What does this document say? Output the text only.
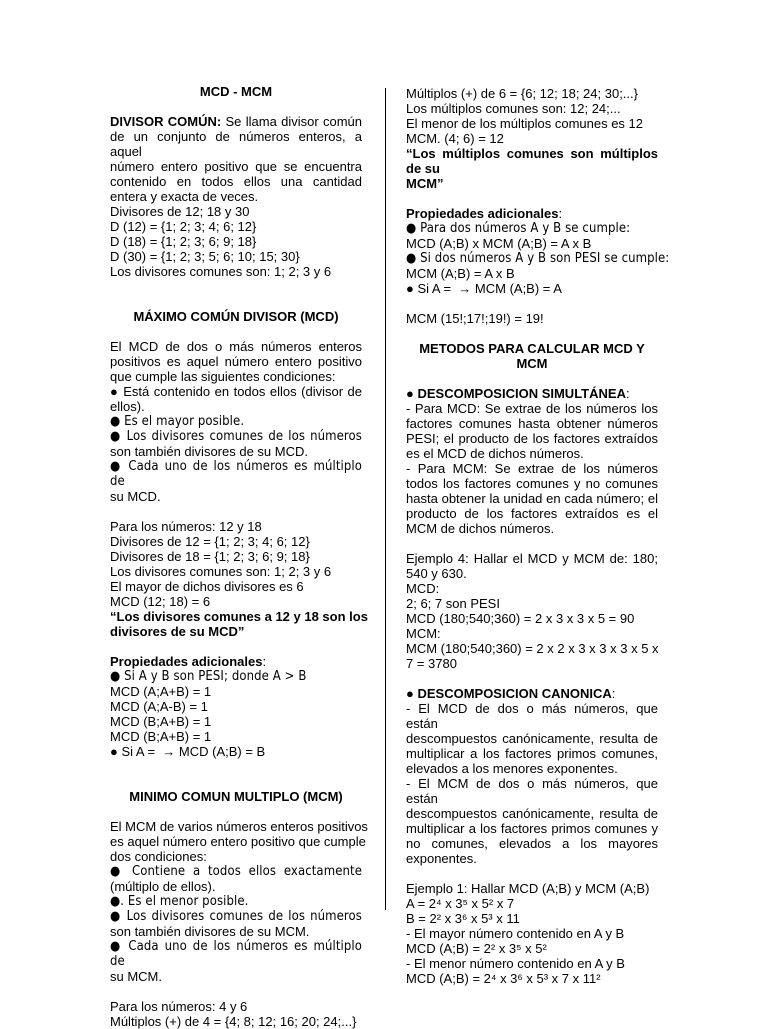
MCD - MCM
DIVISOR COMÚN: Se llama divisor común
de un conjunto de números enteros, a aquel
número entero positivo que se encuentra
contenido en todos ellos una cantidad
entera y exacta de veces.
Divisores de 12; 18 y 30
D (12) = {1; 2; 3; 4; 6; 12}
D (18) = {1; 2; 3; 6; 9; 18}
D (30) = {1; 2; 3; 5; 6; 10; 15; 30}
Los divisores comunes son: 1; 2; 3 y 6
MÁXIMO COMÚN DIVISOR (MCD)
El MCD de dos o más números enteros
positivos es aquel número entero positivo
que cumple las siguientes condiciones:
● Está contenido en todos ellos (divisor de
ellos).
● Es el mayor posible.
● Los divisores comunes de los números
son también divisores de su MCD.
● Cada uno de los números es múltiplo de
su MCD.
Para los números: 12 y 18
Divisores de 12 = {1; 2; 3; 4; 6; 12}
Divisores de 18 = {1; 2; 3; 6; 9; 18}
Los divisores comunes son: 1; 2; 3 y 6
El mayor de dichos divisores es 6
MCD (12; 18) = 6
“Los divisores comunes a 12 y 18 son los
divisores de su MCD”
Propiedades adicionales:
● Si A y B son PESI; donde A > B
MCD (A;A+B) = 1
MCD (A;A-B) = 1
MCD (B;A+B) = 1
MCD (B;A+B) = 1
● Si A =  → MCD (A;B) = B
MINIMO COMUN MULTIPLO (MCM)
El MCM de varios números enteros positivos
es aquel número entero positivo que cumple
dos condiciones:
● Contiene a todos ellos exactamente
(múltiplo de ellos).
●. Es el menor posible.
● Los divisores comunes de los números
son también divisores de su MCM.
● Cada uno de los números es múltiplo de
su MCM.
Para los números: 4 y 6
Múltiplos (+) de 4 = {4; 8; 12; 16; 20; 24;...}
Múltiplos (+) de 6 = {6; 12; 18; 24; 30;...}
Los múltiplos comunes son: 12; 24;...
El menor de los múltiplos comunes es 12
MCM. (4; 6) = 12
“Los múltiplos comunes son múltiplos
de su
MCM”
Propiedades adicionales:
● Para dos números A y B se cumple:
MCD (A;B) x MCM (A;B) = A x B
● Si dos números A y B son PESI se cumple:
MCM (A;B) = A x B
● Si A =  → MCM (A;B) = A
MCM (15!;17!;19!) = 19!
METODOS PARA CALCULAR MCD Y
MCM
● DESCOMPOSICION SIMULTÁNEA:
- Para MCD: Se extrae de los números los
factores comunes hasta obtener números
PESI; el producto de los factores extraídos
es el MCD de dichos números.
- Para MCM: Se extrae de los números
todos los factores comunes y no comunes
hasta obtener la unidad en cada número; el
producto de los factores extraídos es el
MCM de dichos números.
Ejemplo 4: Hallar el MCD y MCM de: 180;
540 y 630.
MCD:
2; 6; 7 son PESI
MCD (180;540;360) = 2 x 3 x 3 x 5 = 90
MCM:
MCM (180;540;360) = 2 x 2 x 3 x 3 x 3 x 5 x
7 = 3780
● DESCOMPOSICION CANONICA:
- El MCD de dos o más números, que están
descompuestos canónicamente, resulta de
multiplicar a los factores primos comunes,
elevados a los menores exponentes.
- El MCM de dos o más números, que están
descompuestos canónicamente, resulta de
multiplicar a los factores primos comunes y
no comunes, elevados a los mayores
exponentes.
Ejemplo 1: Hallar MCD (A;B) y MCM (A;B)
A = 2⁴ x 3⁵ x 5² x 7
B = 2² x 3⁶ x 5³ x 11
- El mayor número contenido en A y B
MCD (A;B) = 2² x 3⁵ x 5²
- El menor número contenido en A y B
MCD (A;B) = 2⁴ x 3⁶ x 5³ x 7 x 11²
